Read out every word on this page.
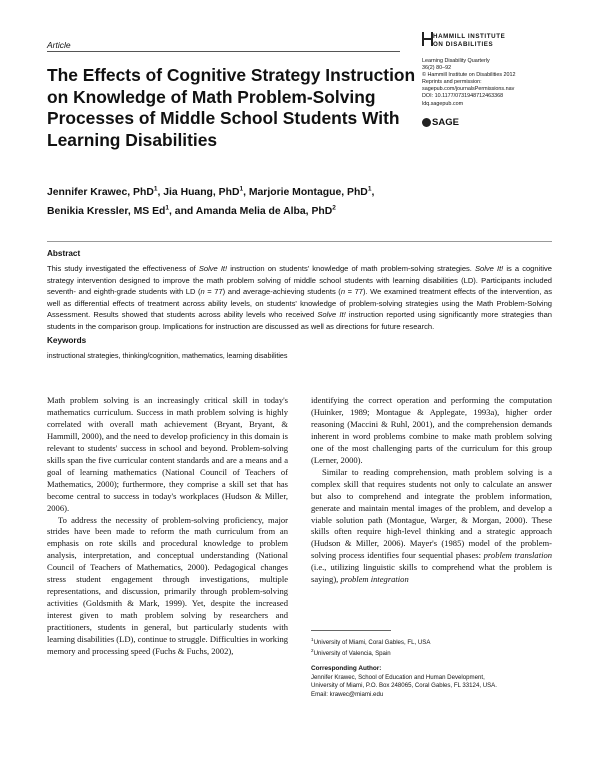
Article
HAMMILL INSTITUTE
ON DISABILITIES
Learning Disability Quarterly
36(2) 80–92
© Hammill Institute on Disabilities 2012
Reprints and permission:
sagepub.com/journalsPermissions.nav
DOI: 10.1177/0731948712463368
ldq.sagepub.com
SAGE
The Effects of Cognitive Strategy Instruction on Knowledge of Math Problem-Solving Processes of Middle School Students With Learning Disabilities
Jennifer Krawec, PhD$^1$, Jia Huang, PhD$^1$, Marjorie Montague, PhD$^1$,
Benikia Kressler, MS Ed$^1$, and Amanda Melia de Alba, PhD$^2$
Abstract
This study investigated the effectiveness of Solve It! instruction on students' knowledge of math problem-solving strategies. Solve It! is a cognitive strategy intervention designed to improve the math problem solving of middle school students with learning disabilities (LD). Participants included seventh- and eighth-grade students with LD (n = 77) and average-achieving students (n = 77). We examined treatment effects of the intervention, as well as differential effects of treatment across ability levels, on students' knowledge of problem-solving strategies using the Math Problem-Solving Assessment. Results showed that students across ability levels who received Solve It! instruction reported using significantly more strategies than students in the comparison group. Implications for instruction are discussed as well as directions for future research.
Keywords
instructional strategies, thinking/cognition, mathematics, learning disabilities

Math problem solving is an increasingly critical skill in today's mathematics curriculum. Success in math problem solving is highly correlated with overall math achievement (Bryant, Bryant, & Hammill, 2000), and the need to develop proficiency in this domain is relevant to students' success in school and beyond. Problem-solving skills span the five curricular content standards and are a means and a goal of learning mathematics (National Council of Teachers of Mathematics, 2000); furthermore, they comprise a skill set that has become central to success in today's workplaces (Hudson & Miller, 2006).

To address the necessity of problem-solving proficiency, major strides have been made to reform the math curriculum from an emphasis on rote skills and procedural knowledge to problem analysis, interpretation, and conceptual understanding (National Council of Teachers of Mathematics, 2000). Pedagogical changes stress student engagement through investigations, multiple representations, and discussion, primarily through problem-solving activities (Goldsmith & Mark, 1999). Yet, despite the increased interest given to math problem solving by researchers and practitioners, students in general, but particularly students with learning disabilities (LD), continue to struggle. Difficulties in working memory and processing speed (Fuchs & Fuchs, 2002),

identifying the correct operation and performing the computation (Huinker, 1989; Montague & Applegate, 1993a), higher order reasoning (Maccini & Ruhl, 2001), and the comprehension demands inherent in word problems combine to make math problem solving one of the most challenging parts of the curriculum for this group (Lerner, 2000).

Similar to reading comprehension, math problem solving is a complex skill that requires students not only to calculate an answer but also to comprehend and integrate the problem information, generate and maintain mental images of the problem, and develop a viable solution path (Montague, Warger, & Morgan, 2000). These skills often require high-level thinking and a strategic approach (Hudson & Miller, 2006). Mayer's (1985) model of the problem-solving process identifies four sequential phases: problem translation (i.e., utilizing linguistic skills to comprehend what the problem is saying), problem integration

$^1$University of Miami, Coral Gables, FL, USA
$^2$University of Valencia, Spain
Corresponding Author:
Jennifer Krawec, School of Education and Human Development,
University of Miami, P.O. Box 248065, Coral Gables, FL 33124, USA.
Email: krawec@miami.edu
